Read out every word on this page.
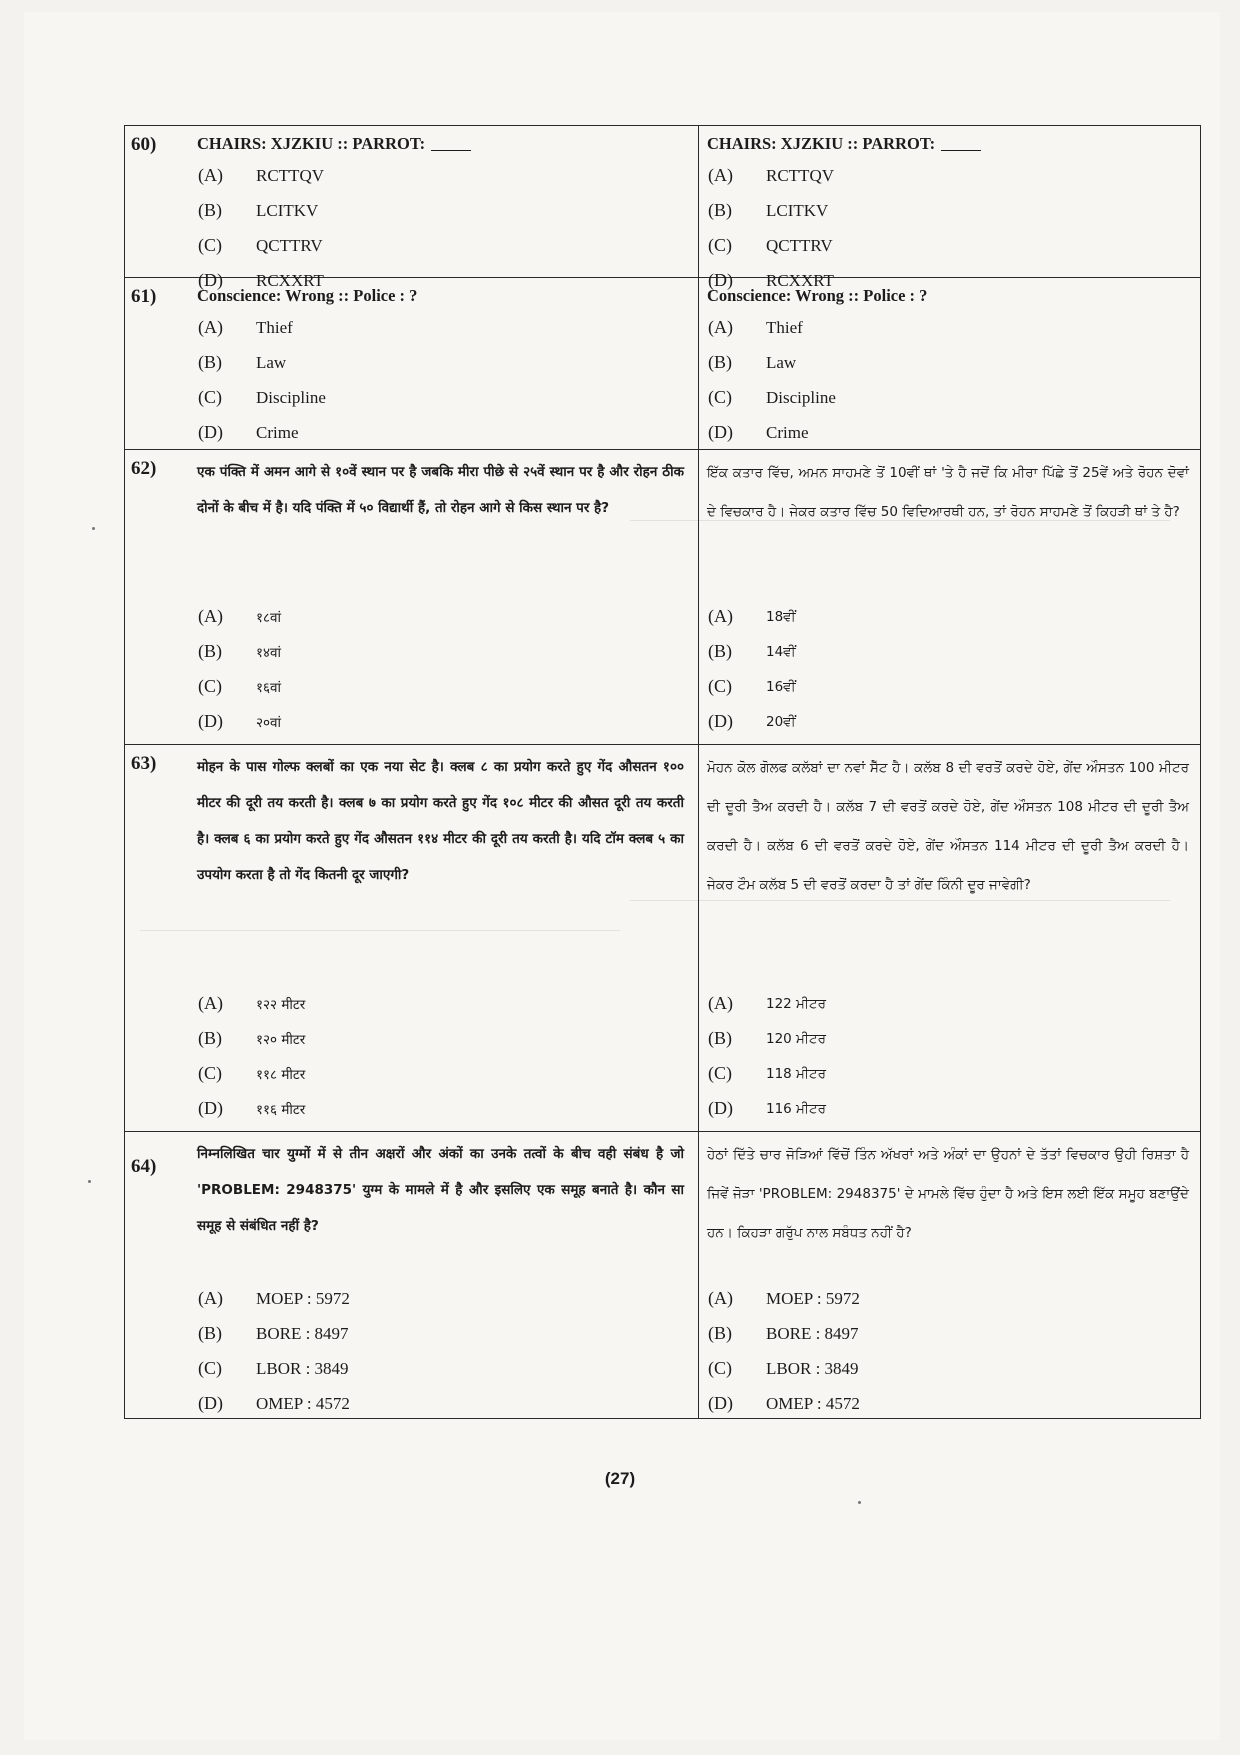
60)	CHAIRS: XJZKIU :: PARROT:
(A)	RCTTQV
(B)	LCITKV
(C)	QCTTRV
(D)	RCXXRT
CHAIRS: XJZKIU :: PARROT:
(A)	RCTTQV
(B)	LCITKV
(C)	QCTTRV
(D)	RCXXRT
61)	Conscience: Wrong :: Police : ?
(A)	Thief
(B)	Law
(C)	Discipline
(D)	Crime
Conscience: Wrong :: Police : ?
(A)	Thief
(B)	Law
(C)	Discipline
(D)	Crime
62)	एक पंक्ति में अमन आगे से १०वें स्थान पर है जबकि मीरा पीछे से २५वें स्थान पर है और रोहन ठीक दोनों के बीच में है। यदि पंक्ति में ५० विद्यार्थी हैं, तो रोहन आगे से किस स्थान पर है?
(A)	१८वां
(B)	१४वां
(C)	१६वां
(D)	२०वां
ਇੱਕ ਕਤਾਰ ਵਿੱਚ, ਅਮਨ ਸਾਹਮਣੇ ਤੋਂ 10ਵੀਂ ਥਾਂ 'ਤੇ ਹੈ ਜਦੋਂ ਕਿ ਮੀਰਾ ਪਿੱਛੇ ਤੋਂ 25ਵੇਂ ਅਤੇ ਰੋਹਨ ਦੋਵਾਂ ਦੇ ਵਿਚਕਾਰ ਹੈ। ਜੇਕਰ ਕਤਾਰ ਵਿੱਚ 50 ਵਿਦਿਆਰਥੀ ਹਨ, ਤਾਂ ਰੋਹਨ ਸਾਹਮਣੇ ਤੋਂ ਕਿਹੜੀ ਥਾਂ ਤੇ ਹੈ?
(A)	18ਵੀਂ
(B)	14ਵੀਂ
(C)	16ਵੀਂ
(D)	20ਵੀਂ
63)	मोहन के पास गोल्फ क्लबों का एक नया सेट है। क्लब ८ का प्रयोग करते हुए गेंद औसतन १०० मीटर की दूरी तय करती है। क्लब ७ का प्रयोग करते हुए गेंद १०८ मीटर की औसत दूरी तय करती है। क्लब ६ का प्रयोग करते हुए गेंद औसतन ११४ मीटर की दूरी तय करती है। यदि टॉम क्लब ५ का उपयोग करता है तो गेंद कितनी दूर जाएगी?
(A)	१२२ मीटर
(B)	१२० मीटर
(C)	११८ मीटर
(D)	११६ मीटर
ਮੋਹਨ ਕੋਲ ਗੋਲਫ ਕਲੱਬਾਂ ਦਾ ਨਵਾਂ ਸੈੱਟ ਹੈ। ਕਲੱਬ 8 ਦੀ ਵਰਤੋਂ ਕਰਦੇ ਹੋਏ, ਗੇਂਦ ਔਸਤਨ 100 ਮੀਟਰ ਦੀ ਦੂਰੀ ਤੈਅ ਕਰਦੀ ਹੈ। ਕਲੱਬ 7 ਦੀ ਵਰਤੋਂ ਕਰਦੇ ਹੋਏ, ਗੇਂਦ ਔਸਤਨ 108 ਮੀਟਰ ਦੀ ਦੂਰੀ ਤੈਅ ਕਰਦੀ ਹੈ। ਕਲੱਬ 6 ਦੀ ਵਰਤੋਂ ਕਰਦੇ ਹੋਏ, ਗੇਂਦ ਔਸਤਨ 114 ਮੀਟਰ ਦੀ ਦੂਰੀ ਤੈਅ ਕਰਦੀ ਹੈ। ਜੇਕਰ ਟੌਮ ਕਲੱਬ 5 ਦੀ ਵਰਤੋਂ ਕਰਦਾ ਹੈ ਤਾਂ ਗੇਂਦ ਕਿੰਨੀ ਦੂਰ ਜਾਵੇਗੀ?
(A)	122 ਮੀਟਰ
(B)	120 ਮੀਟਰ
(C)	118 ਮੀਟਰ
(D)	116 ਮੀਟਰ
64)
निम्नलिखित चार युग्मों में से तीन अक्षरों और अंकों का उनके तत्वों के बीच वही संबंध है जो 'PROBLEM: 2948375' युग्म के मामले में है और इसलिए एक समूह बनाते है। कौन सा समूह से संबंधित नहीं है?
(A)	MOEP : 5972
(B)	BORE : 8497
(C)	LBOR : 3849
(D)	OMEP : 4572
ਹੇਠਾਂ ਦਿੱਤੇ ਚਾਰ ਜੋੜਿਆਂ ਵਿੱਚੋਂ ਤਿੰਨ ਅੱਖਰਾਂ ਅਤੇ ਅੰਕਾਂ ਦਾ ਉਹਨਾਂ ਦੇ ਤੱਤਾਂ ਵਿਚਕਾਰ ਉਹੀ ਰਿਸ਼ਤਾ ਹੈ ਜਿਵੇਂ ਜੋੜਾ 'PROBLEM: 2948375' ਦੇ ਮਾਮਲੇ ਵਿੱਚ ਹੁੰਦਾ ਹੈ ਅਤੇ ਇਸ ਲਈ ਇੱਕ ਸਮੂਹ ਬਣਾਉਂਦੇ ਹਨ। ਕਿਹੜਾ ਗਰੁੱਪ ਨਾਲ ਸਬੰਧਤ ਨਹੀਂ ਹੈ?
(A)	MOEP : 5972
(B)	BORE : 8497
(C)	LBOR : 3849
(D)	OMEP : 4572
(27)
